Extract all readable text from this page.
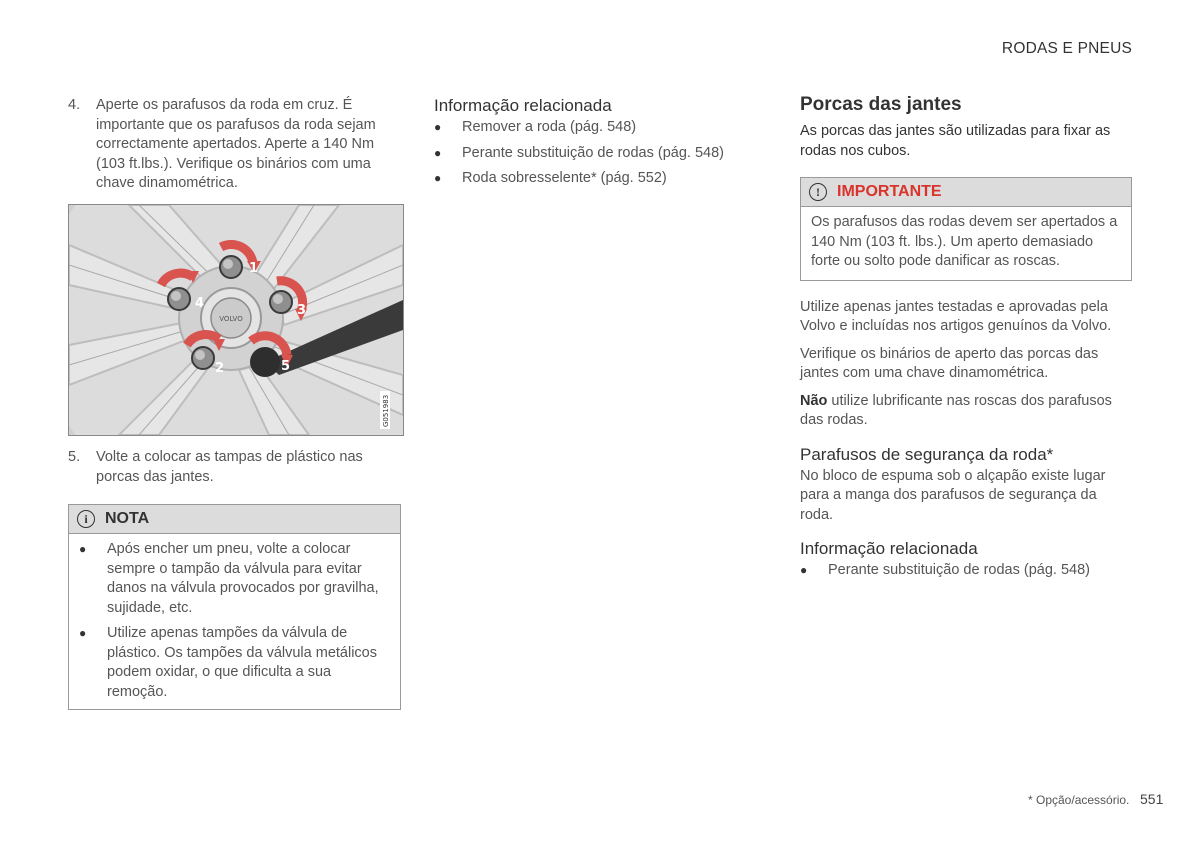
RODAS E PNEUS
4.	Aperte os parafusos da roda em cruz. É importante que os parafusos da roda sejam correctamente apertados. Aperte a 140 Nm (103 ft.lbs.). Verifique os binários com uma chave dinamométrica.
VOLVO
1
2
3
4
5
G051983
5.	Volte a colocar as tampas de plástico nas porcas das jantes.
i	NOTA
●	Após encher um pneu, volte a colocar sempre o tampão da válvula para evitar danos na válvula provocados por gravilha, sujidade, etc.
●	Utilize apenas tampões da válvula de plástico. Os tampões da válvula metálicos podem oxidar, o que dificulta a sua remoção.
Informação relacionada
●	Remover a roda (pág. 548)
●	Perante substituição de rodas (pág. 548)
●	Roda sobresselente* (pág. 552)
Porcas das jantes

As porcas das jantes são utilizadas para fixar as rodas nos cubos.

!	IMPORTANTE

Os parafusos das rodas devem ser apertados a 140 Nm (103 ft. lbs.). Um aperto demasiado forte ou solto pode danificar as roscas.

Utilize apenas jantes testadas e aprovadas pela Volvo e incluídas nos artigos genuínos da Volvo.

Verifique os binários de aperto das porcas das jantes com uma chave dinamométrica.

Não utilize lubrificante nas roscas dos parafusos das rodas.

Parafusos de segurança da roda*

No bloco de espuma sob o alçapão existe lugar para a manga dos parafusos de segurança da roda.

Informação relacionada
●	Perante substituição de rodas (pág. 548)
* Opção/acessório. 551
